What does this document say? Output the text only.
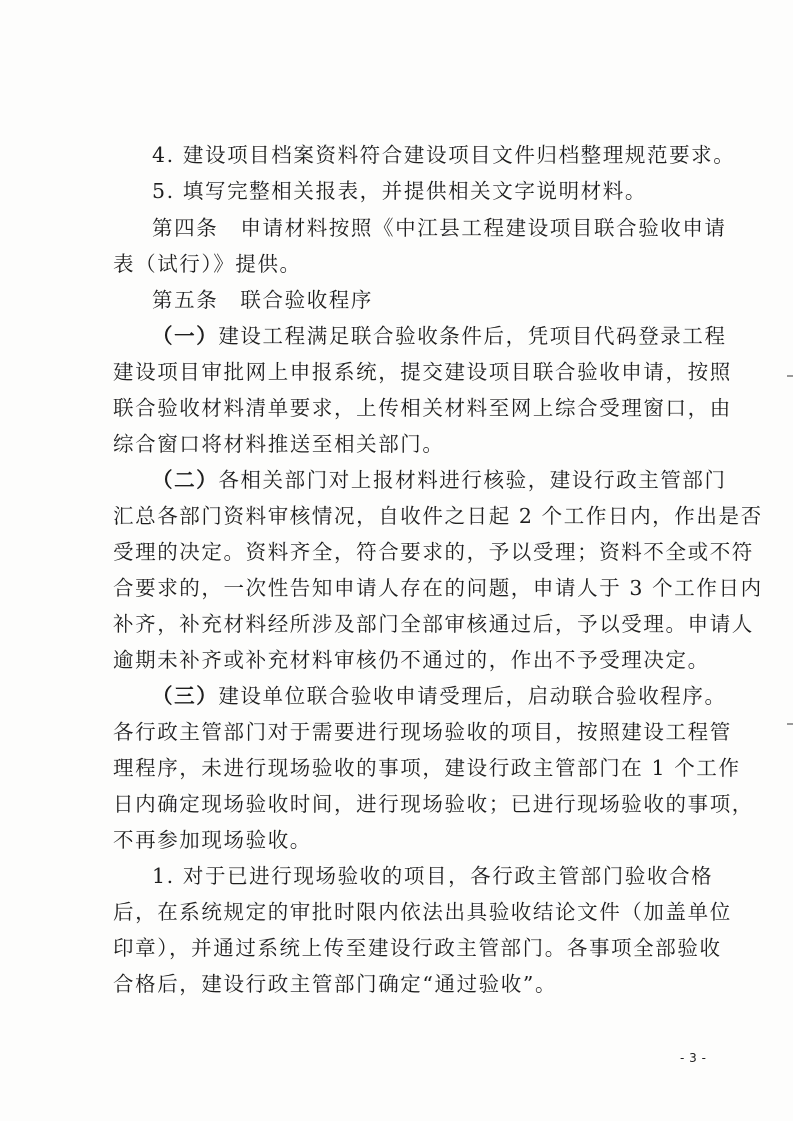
4. 建设项目档案资料符合建设项目文件归档整理规范要求。
5. 填写完整相关报表，并提供相关文字说明材料。
第四条　申请材料按照《中江县工程建设项目联合验收申请
表（试行）》提供。
第五条　联合验收程序
（一）建设工程满足联合验收条件后，凭项目代码登录工程
建设项目审批网上申报系统，提交建设项目联合验收申请，按照
联合验收材料清单要求，上传相关材料至网上综合受理窗口，由
综合窗口将材料推送至相关部门。
（二）各相关部门对上报材料进行核验，建设行政主管部门
汇总各部门资料审核情况，自收件之日起 2 个工作日内，作出是否
受理的决定。资料齐全，符合要求的，予以受理；资料不全或不符
合要求的，一次性告知申请人存在的问题，申请人于 3 个工作日内
补齐，补充材料经所涉及部门全部审核通过后，予以受理。申请人
逾期未补齐或补充材料审核仍不通过的，作出不予受理决定。
（三）建设单位联合验收申请受理后，启动联合验收程序。
各行政主管部门对于需要进行现场验收的项目，按照建设工程管
理程序，未进行现场验收的事项，建设行政主管部门在 1 个工作
日内确定现场验收时间，进行现场验收；已进行现场验收的事项，
不再参加现场验收。
1. 对于已进行现场验收的项目，各行政主管部门验收合格
后，在系统规定的审批时限内依法出具验收结论文件（加盖单位
印章），并通过系统上传至建设行政主管部门。各事项全部验收
合格后，建设行政主管部门确定“通过验收”。
- 3 -
